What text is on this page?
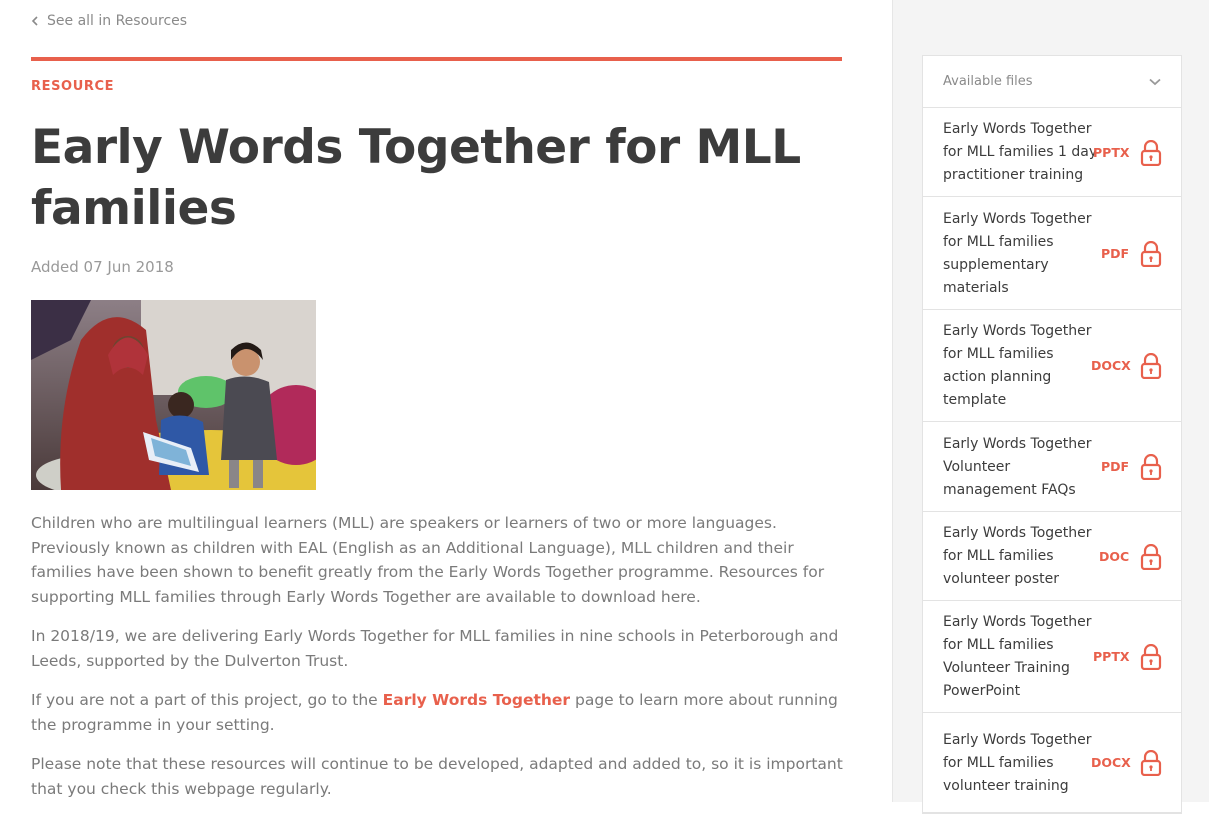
See all in Resources
RESOURCE
Early Words Together for MLL families
Added 07 Jun 2018

Children who are multilingual learners (MLL) are speakers or learners of two or more languages. Previously known as children with EAL (English as an Additional Language), MLL children and their families have been shown to benefit greatly from the Early Words Together programme. Resources for supporting MLL families through Early Words Together are available to download here.

In 2018/19, we are delivering Early Words Together for MLL families in nine schools in Peterborough and Leeds, supported by the Dulverton Trust.

If you are not a part of this project, go to the Early Words Together page to learn more about running the programme in your setting.

Please note that these resources will continue to be developed, adapted and added to, so it is important that you check this webpage regularly.

Available files
Early Words Together for MLL families 1 day practitioner training
PPTX
Early Words Together for MLL families supplementary materials
PDF
Early Words Together for MLL families action planning template
DOCX
Early Words Together Volunteer management FAQs
PDF
Early Words Together for MLL families volunteer poster
DOC
Early Words Together for MLL families Volunteer Training PowerPoint
PPTX
Early Words Together for MLL families volunteer training
DOCX
